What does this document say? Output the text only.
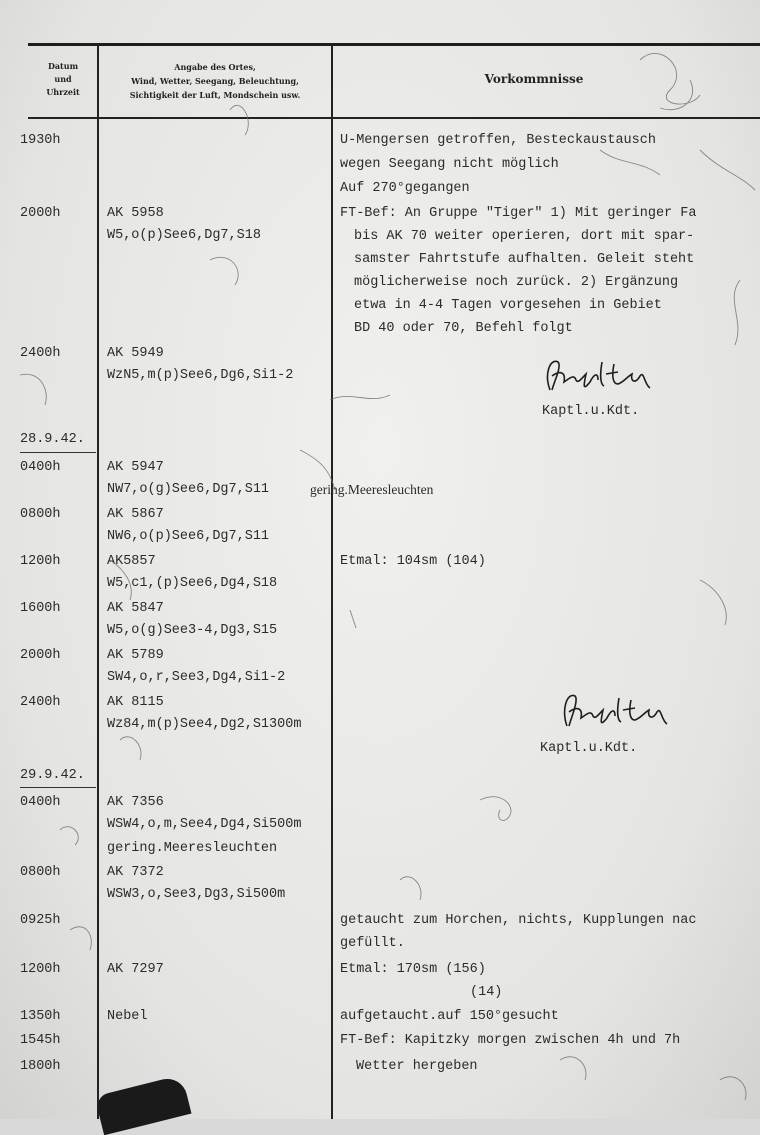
Datum
und
Uhrzeit
Angabe des Ortes,
Wind, Wetter, Seegang, Beleuchtung,
Sichtigkeit der Luft, Mondschein usw.
Vorkommnisse
1930h
2000h
2400h
28.9.42.
0400h
0800h
1200h
1600h
2000h
2400h
29.9.42.
0400h
0800h
0925h
1200h
1350h
1545h
1800h
AK 5958
W5,o(p)See6,Dg7,S18
AK 5949
WzN5,m(p)See6,Dg6,Si1-2
AK 5947
NW7,o(g)See6,Dg7,S11
AK 5867
NW6,o(p)See6,Dg7,S11
AK5857
W5,c1,(p)See6,Dg4,S18
AK 5847
W5,o(g)See3-4,Dg3,S15
AK 5789
SW4,o,r,See3,Dg4,Si1-2
AK 8115
Wz84,m(p)See4,Dg2,S1300m
AK 7356
WSW4,o,m,See4,Dg4,Si500m
gering.Meeresleuchten
AK 7372
WSW3,o,See3,Dg3,Si500m
AK 7297
Nebel
U-Mengersen getroffen, Besteckaustausch
wegen Seegang nicht möglich
Auf 270°gegangen
FT-Bef: An Gruppe "Tiger" 1) Mit geringer Fa
bis AK 70 weiter operieren, dort mit spar-
samster Fahrtstufe aufhalten. Geleit steht
möglicherweise noch zurück. 2) Ergänzung
etwa in 4-4 Tagen vorgesehen in Gebiet
BD 40 oder 70, Befehl folgt
Etmal: 104sm (104)
getaucht zum Horchen, nichts, Kupplungen nac
gefüllt.
Etmal: 170sm (156)
(14)
aufgetaucht.auf 150°gesucht
FT-Bef: Kapitzky morgen zwischen 4h und 7h
Wetter hergeben
Kaptl.u.Kdt.
Kaptl.u.Kdt.
gering.Meeresleuchten
